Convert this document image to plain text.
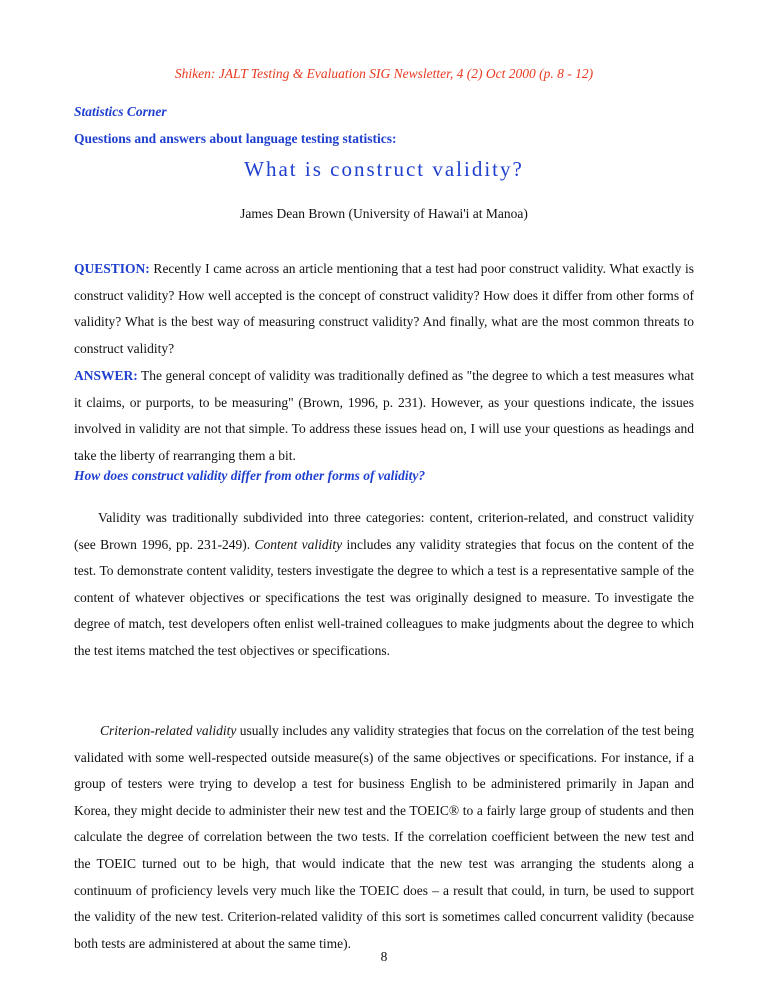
Shiken: JALT Testing & Evaluation SIG Newsletter, 4 (2) Oct 2000 (p. 8 - 12)
Statistics Corner
Questions and answers about language testing statistics:
What is construct validity?
James Dean Brown (University of Hawai'i at Manoa)

QUESTION: Recently I came across an article mentioning that a test had poor construct validity. What exactly is construct validity? How well accepted is the concept of construct validity? How does it differ from other forms of validity? What is the best way of measuring construct validity? And finally, what are the most common threats to construct validity?

ANSWER: The general concept of validity was traditionally defined as "the degree to which a test measures what it claims, or purports, to be measuring" (Brown, 1996, p. 231). However, as your questions indicate, the issues involved in validity are not that simple. To address these issues head on, I will use your questions as headings and take the liberty of rearranging them a bit.

How does construct validity differ from other forms of validity?

Validity was traditionally subdivided into three categories: content, criterion-related, and construct validity (see Brown 1996, pp. 231-249). Content validity includes any validity strategies that focus on the content of the test. To demonstrate content validity, testers investigate the degree to which a test is a representative sample of the content of whatever objectives or specifications the test was originally designed to measure. To investigate the degree of match, test developers often enlist well-trained colleagues to make judgments about the degree to which the test items matched the test objectives or specifications.

Criterion-related validity usually includes any validity strategies that focus on the correlation of the test being validated with some well-respected outside measure(s) of the same objectives or specifications. For instance, if a group of testers were trying to develop a test for business English to be administered primarily in Japan and Korea, they might decide to administer their new test and the TOEIC® to a fairly large group of students and then calculate the degree of correlation between the two tests. If the correlation coefficient between the new test and the TOEIC turned out to be high, that would indicate that the new test was arranging the students along a continuum of proficiency levels very much like the TOEIC does – a result that could, in turn, be used to support the validity of the new test. Criterion-related validity of this sort is sometimes called concurrent validity (because both tests are administered at about the same time).

8
